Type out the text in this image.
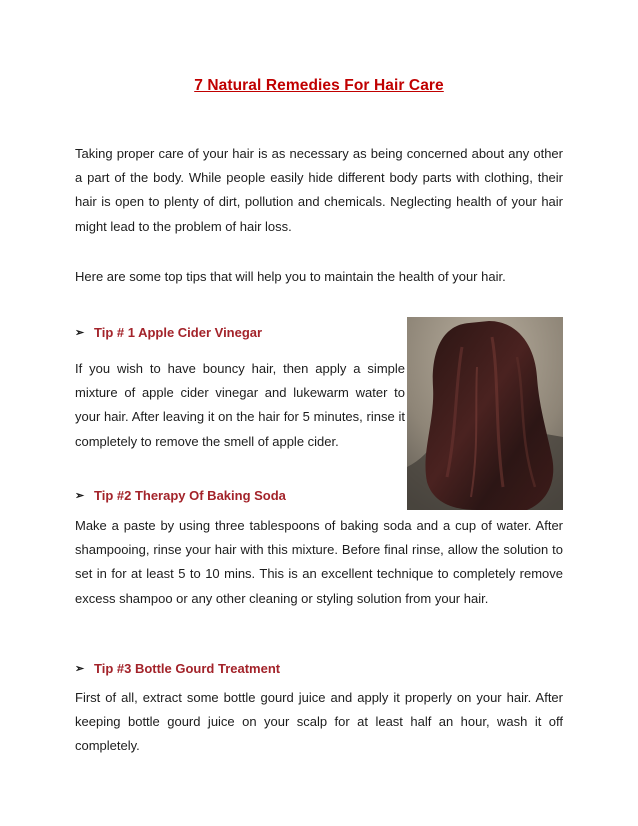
7 Natural Remedies For Hair Care
Taking proper care of your hair is as necessary as being concerned about any other a part of the body. While people easily hide different body parts with clothing, their hair is open to plenty of dirt, pollution and chemicals. Neglecting health of your hair might lead to the problem of hair loss.
Here are some top tips that will help you to maintain the health of your hair.
➢ Tip # 1 Apple Cider Vinegar
If you wish to have bouncy hair, then apply a simple mixture of apple cider vinegar and lukewarm water to your hair. After leaving it on the hair for 5 minutes, rinse it completely to remove the smell of apple cider.
➢ Tip #2 Therapy Of Baking Soda
Make a paste by using three tablespoons of baking soda and a cup of water. After shampooing, rinse your hair with this mixture. Before final rinse, allow the solution to set in for at least 5 to 10 mins. This is an excellent technique to completely remove excess shampoo or any other cleaning or styling solution from your hair.
➢ Tip #3 Bottle Gourd Treatment
First of all, extract some bottle gourd juice and apply it properly on your hair. After keeping bottle gourd juice on your scalp for at least half an hour, wash it off completely.
